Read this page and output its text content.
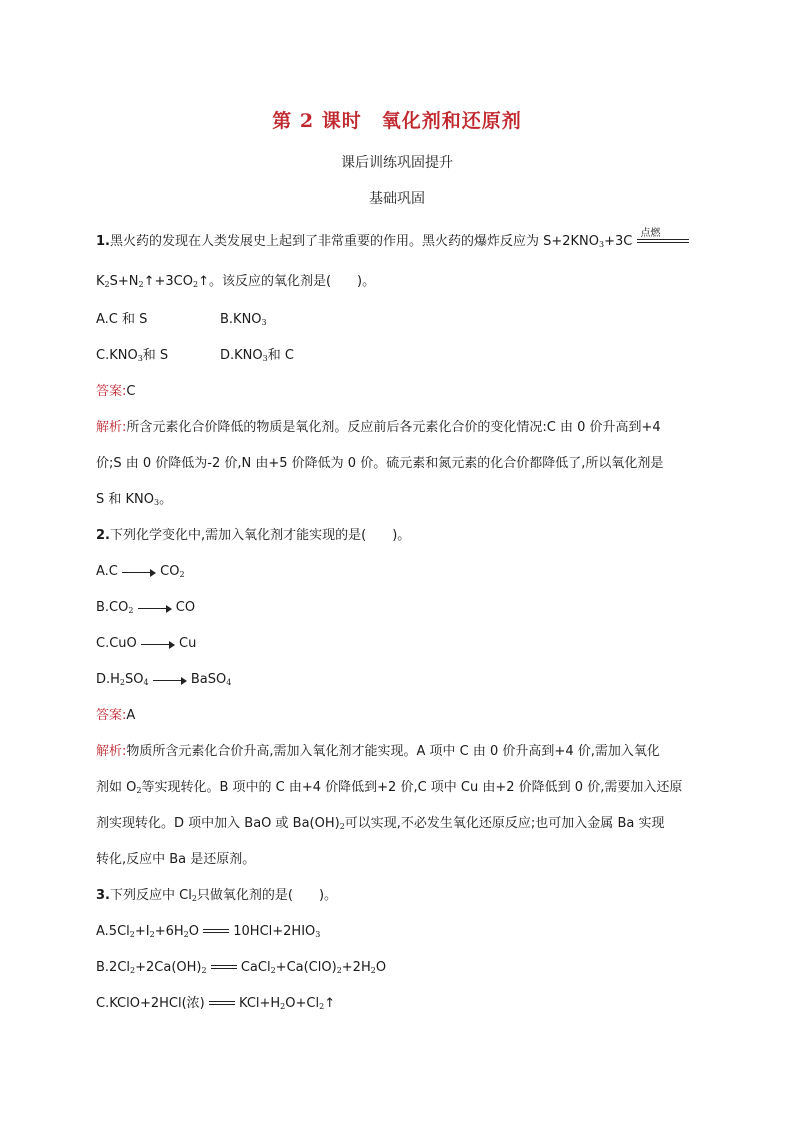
第 2 课时　氧化剂和还原剂
课后训练巩固提升
基础巩固
1.黑火药的发现在人类发展史上起到了非常重要的作用。黑火药的爆炸反应为 $S+2KNO_3+3C$
点燃
$K_2S+N_2↑+3CO_2↑$。该反应的氧化剂是(　　)。
A.C 和 S	$B.KNO_3$
$C.KNO_3$和 S	$D.KNO_3$和 C
答案:C
解析:所含元素化合价降低的物质是氧化剂。反应前后各元素化合价的变化情况:C 由 0 价升高到+4
价;S 由 0 价降低为-2 价,N 由+5 价降低为 0 价。硫元素和氮元素的化合价都降低了,所以氧化剂是
S 和 $KNO_3$。
2.下列化学变化中,需加入氧化剂才能实现的是(　　)。
A.C	$CO_2$
$B.CO_2$	CO
C.CuO	Cu
$D.H_2SO_4$	BaSO$_4$
答案:A
解析:物质所含元素化合价升高,需加入氧化剂才能实现。A 项中 C 由 0 价升高到+4 价,需加入氧化
剂如 $O_2$等实现转化。B 项中的 C 由+4 价降低到+2 价,C 项中 Cu 由+2 价降低到 0 价,需要加入还原
剂实现转化。D 项中加入 BaO 或 $Ba(OH)_2$可以实现,不必发生氧化还原反应;也可加入金属 Ba 实现
转化,反应中 Ba 是还原剂。
3.下列反应中 $Cl_2$只做氧化剂的是(　　)。
$A.5Cl_2+I_2+6H_2O$	$10HCl+2HIO_3$
$B.2Cl_2+2Ca(OH)_2$	$CaCl_2+Ca(ClO)_2+2H_2O$
C.KClO+2HCl(浓)	$KCl+H_2O+Cl_2↑$
